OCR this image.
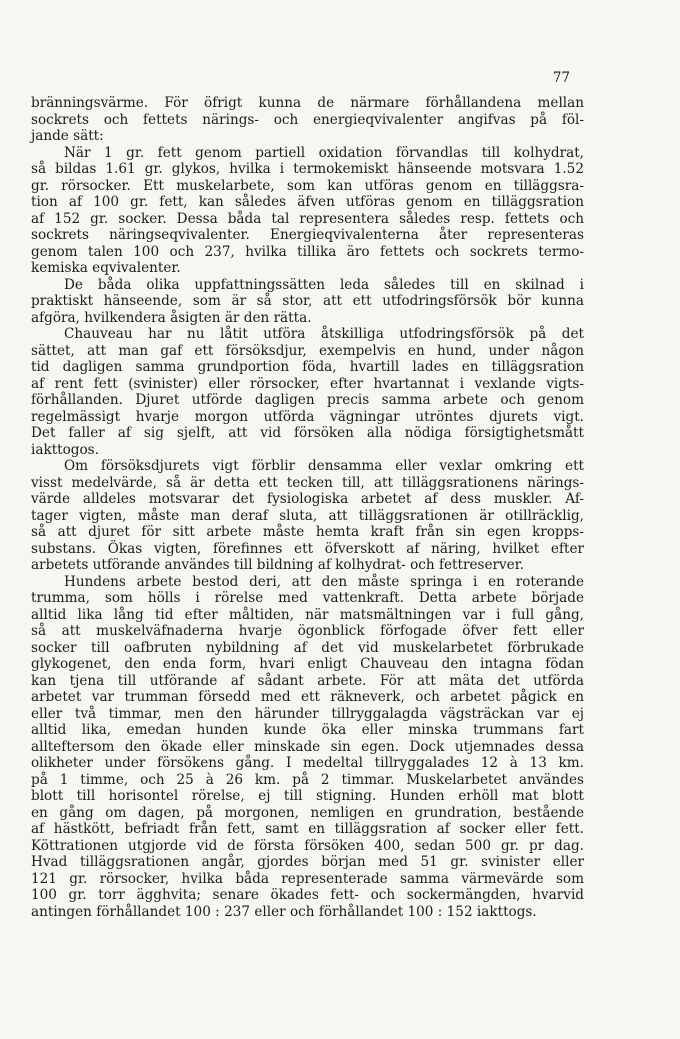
77
bränningsvärme. För öfrigt kunna de närmare förhållandena mellan
sockrets och fettets närings- och energieqvivalenter angifvas på föl-
jande sätt:
När 1 gr. fett genom partiell oxidation förvandlas till kolhydrat,
så bildas 1.61 gr. glykos, hvilka i termokemiskt hänseende motsvara 1.52
gr. rörsocker. Ett muskelarbete, som kan utföras genom en tilläggsra-
tion af 100 gr. fett, kan således äfven utföras genom en tilläggsration
af 152 gr. socker. Dessa båda tal representera således resp. fettets och
sockrets näringseqvivalenter. Energieqvivalenterna åter representeras
genom talen 100 och 237, hvilka tillika äro fettets och sockrets termo-
kemiska eqvivalenter.
De båda olika uppfattningssätten leda således till en skilnad i
praktiskt hänseende, som är så stor, att ett utfodringsförsök bör kunna
afgöra, hvilkendera åsigten är den rätta.
Chauveau har nu låtit utföra åtskilliga utfodringsförsök på det
sättet, att man gaf ett försöksdjur, exempelvis en hund, under någon
tid dagligen samma grundportion föda, hvartill lades en tilläggsration
af rent fett (svinister) eller rörsocker, efter hvartannat i vexlande vigts-
förhållanden. Djuret utförde dagligen precis samma arbete och genom
regelmässigt hvarje morgon utförda vägningar utröntes djurets vigt.
Det faller af sig sjelft, att vid försöken alla nödiga försigtighetsmått
iakttogos.
Om försöksdjurets vigt förblir densamma eller vexlar omkring ett
visst medelvärde, så är detta ett tecken till, att tilläggsrationens närings-
värde alldeles motsvarar det fysiologiska arbetet af dess muskler. Af-
tager vigten, måste man deraf sluta, att tilläggsrationen är otillräcklig,
så att djuret för sitt arbete måste hemta kraft från sin egen kropps-
substans. Ökas vigten, förefinnes ett öfverskott af näring, hvilket efter
arbetets utförande användes till bildning af kolhydrat- och fettreserver.
Hundens arbete bestod deri, att den måste springa i en roterande
trumma, som hölls i rörelse med vattenkraft. Detta arbete började
alltid lika lång tid efter måltiden, när matsmältningen var i full gång,
så att muskelväfnaderna hvarje ögonblick förfogade öfver fett eller
socker till oafbruten nybildning af det vid muskelarbetet förbrukade
glykogenet, den enda form, hvari enligt Chauveau den intagna födan
kan tjena till utförande af sådant arbete. För att mäta det utförda
arbetet var trumman försedd med ett räkneverk, och arbetet pågick en
eller två timmar, men den härunder tillryggalagda vägsträckan var ej
alltid lika, emedan hunden kunde öka eller minska trummans fart
allteftersom den ökade eller minskade sin egen. Dock utjemnades dessa
olikheter under försökens gång. I medeltal tillryggalades 12 à 13 km.
på 1 timme, och 25 à 26 km. på 2 timmar. Muskelarbetet användes
blott till horisontel rörelse, ej till stigning. Hunden erhöll mat blott
en gång om dagen, på morgonen, nemligen en grundration, bestående
af hästkött, befriadt från fett, samt en tilläggsration af socker eller fett.
Köttrationen utgjorde vid de första försöken 400, sedan 500 gr. pr dag.
Hvad tilläggsrationen angår, gjordes början med 51 gr. svinister eller
121 gr. rörsocker, hvilka båda representerade samma värmevärde som
100 gr. torr ägghvita; senare ökades fett- och sockermängden, hvarvid
antingen förhållandet 100 : 237 eller och förhållandet 100 : 152 iakttogs.
